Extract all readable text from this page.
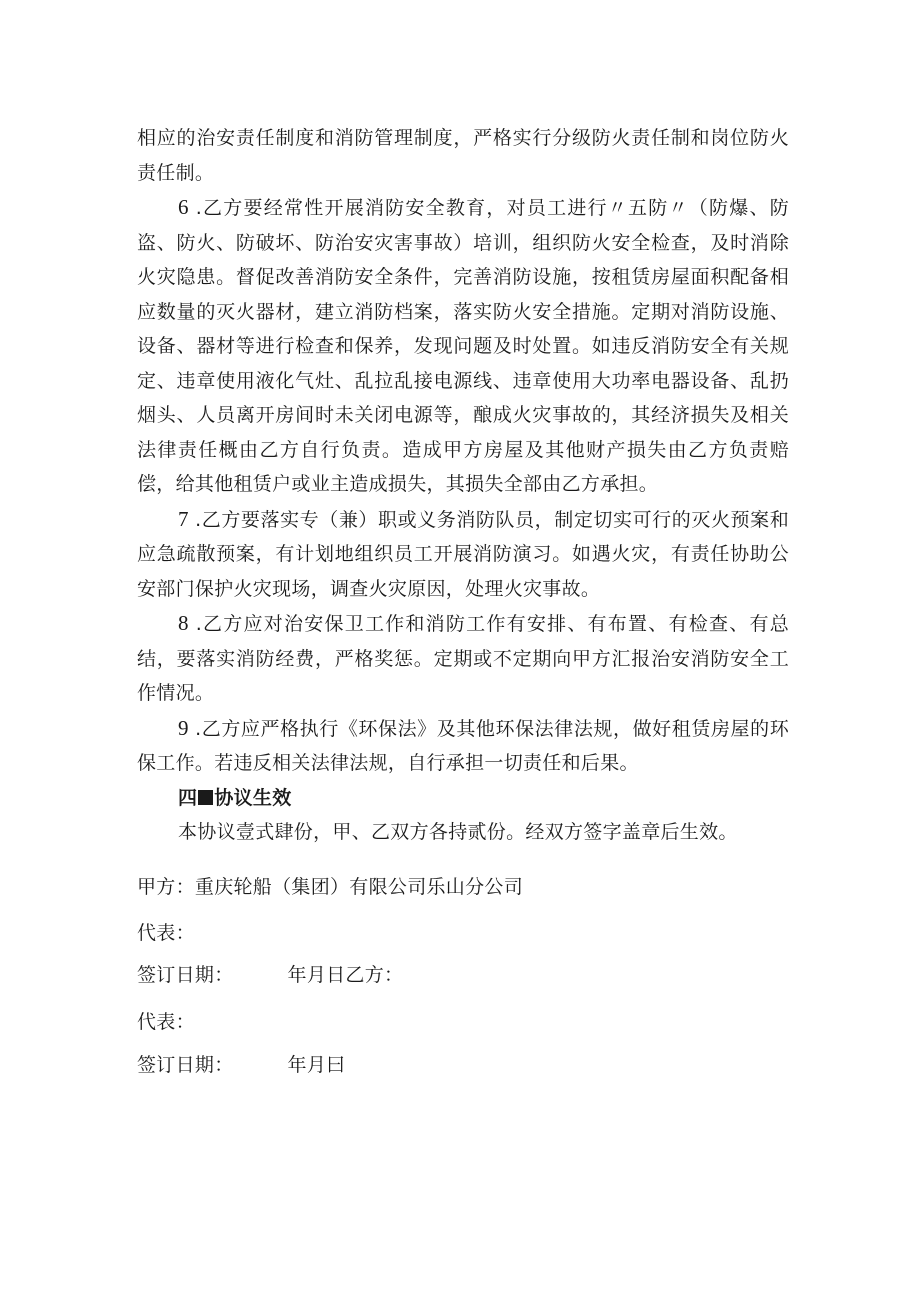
相应的治安责任制度和消防管理制度，严格实行分级防火责任制和岗位防火责任制。

6 .乙方要经常性开展消防安全教育，对员工进行〃五防〃（防爆、防盗、防火、防破坏、防治安灾害事故）培训，组织防火安全检查，及时消除火灾隐患。督促改善消防安全条件，完善消防设施，按租赁房屋面积配备相应数量的灭火器材，建立消防档案，落实防火安全措施。定期对消防设施、设备、器材等进行检查和保养，发现问题及时处置。如违反消防安全有关规定、违章使用液化气灶、乱拉乱接电源线、违章使用大功率电器设备、乱扔烟头、人员离开房间时未关闭电源等，酿成火灾事故的，其经济损失及相关法律责任概由乙方自行负责。造成甲方房屋及其他财产损失由乙方负责赔偿，给其他租赁户或业主造成损失，其损失全部由乙方承担。

7 .乙方要落实专（兼）职或义务消防队员，制定切实可行的灭火预案和应急疏散预案，有计划地组织员工开展消防演习。如遇火灾，有责任协助公安部门保护火灾现场，调查火灾原因，处理火灾事故。

8 .乙方应对治安保卫工作和消防工作有安排、有布置、有检查、有总结，要落实消防经费，严格奖惩。定期或不定期向甲方汇报治安消防安全工作情况。

9 .乙方应严格执行《环保法》及其他环保法律法规，做好租赁房屋的环保工作。若违反相关法律法规，自行承担一切责任和后果。

四 协议生效

本协议壹式肆份，甲、乙双方各持贰份。经双方签字盖章后生效。

甲方：重庆轮船（集团）有限公司乐山分公司
代表：
签订日期：	年月日乙方：
代表：
签订日期：	年月曰
